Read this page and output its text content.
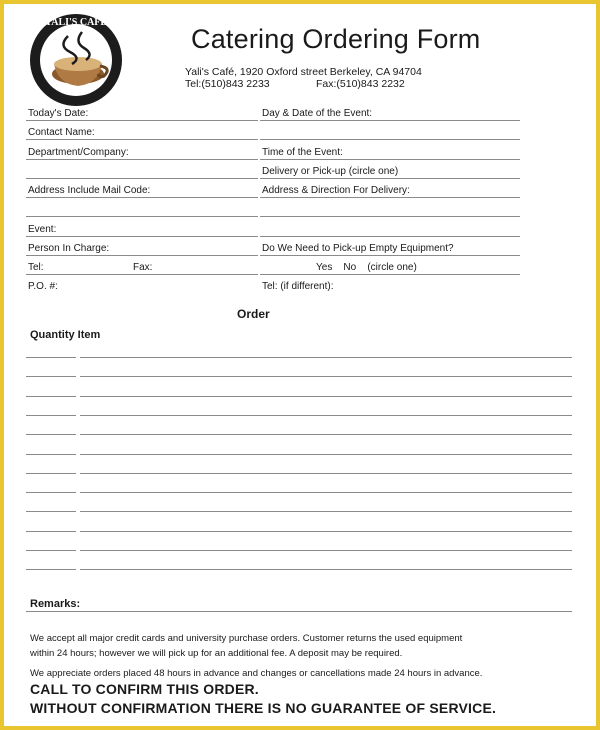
YALI'S CAFE
Catering Ordering Form
Yali's Café, 1920 Oxford street Berkeley, CA 94704
Tel:(510)843 2233	Fax:(510)843 2232
Today's Date:
Contact Name:
Department/Company:
Address Include Mail Code:
Event:
Person In Charge:
Tel:	Fax:
P.O. #:
Day & Date of the Event:
Time of the Event:
Delivery or Pick-up (circle one)
Address & Direction For Delivery:
Do We Need to Pick-up Empty Equipment?
Yes    No    (circle one)
Tel: (if different):
Order
Quantity Item
Remarks:
We accept all major credit cards and university purchase orders. Customer returns the used equipment
within 24 hours; however we will pick up for an additional fee. A deposit may be required.
We appreciate orders placed 48 hours in advance and changes or cancellations made 24 hours in advance.
CALL TO CONFIRM THIS ORDER.
WITHOUT CONFIRMATION THERE IS NO GUARANTEE OF SERVICE.
